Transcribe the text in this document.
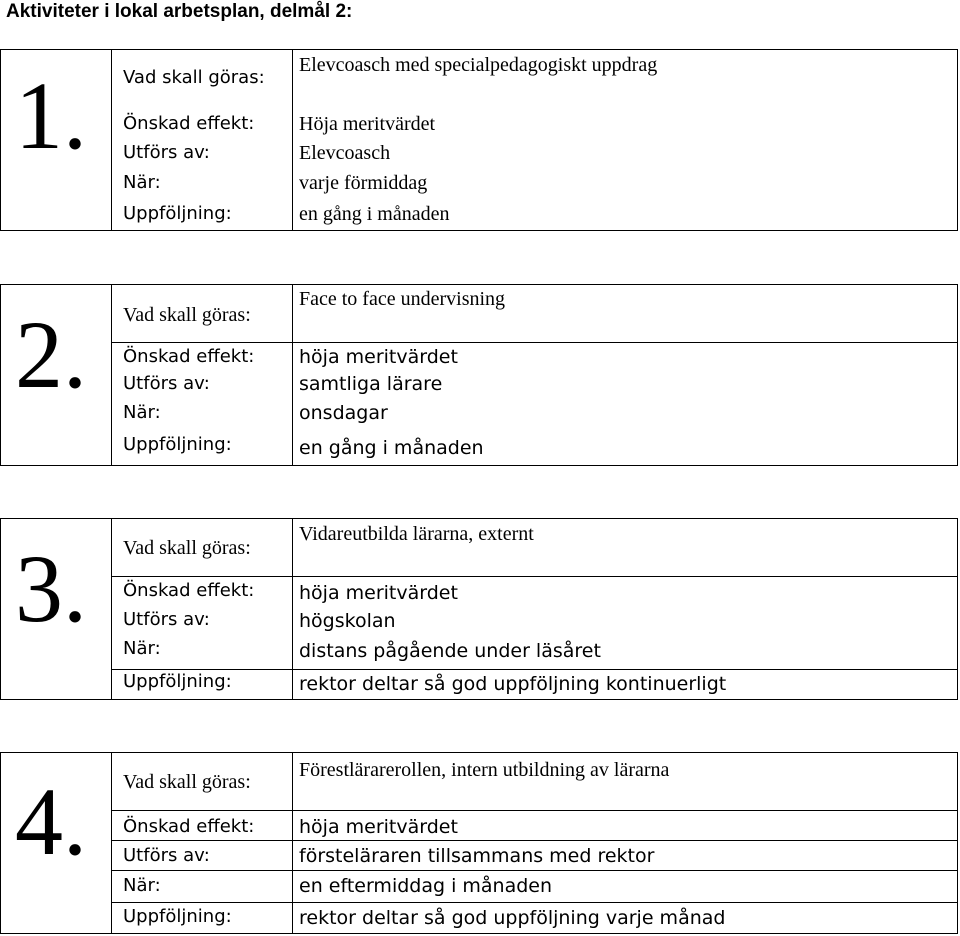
Aktiviteter i lokal arbetsplan, delmål 2:
1. Vad skall göras:
Elevcoasch med specialpedagogiskt uppdrag
Önskad effekt: Höja meritvärdet
Utförs av:	Elevcoasch
När:	varje förmiddag
Uppföljning:	en gång i månaden
2. Vad skall göras:
Face to face undervisning
Önskad effekt: höja meritvärdet
Utförs av:	samtliga lärare
När:	onsdagar
Uppföljning:	en gång i månaden
3. Vad skall göras:
Vidareutbilda lärarna, externt
Önskad effekt: höja meritvärdet
Utförs av:	högskolan
När:	distans pågående under läsåret
Uppföljning:	rektor deltar så god uppföljning kontinuerligt
4. Vad skall göras:
Förestlärarerollen, intern utbildning av lärarna
Önskad effekt: höja meritvärdet
Utförs av:	förstelä​raren tillsammans med rektor
När:	en eftermiddag i månaden
Uppföljning:	rektor deltar så god uppföljning varje månad
